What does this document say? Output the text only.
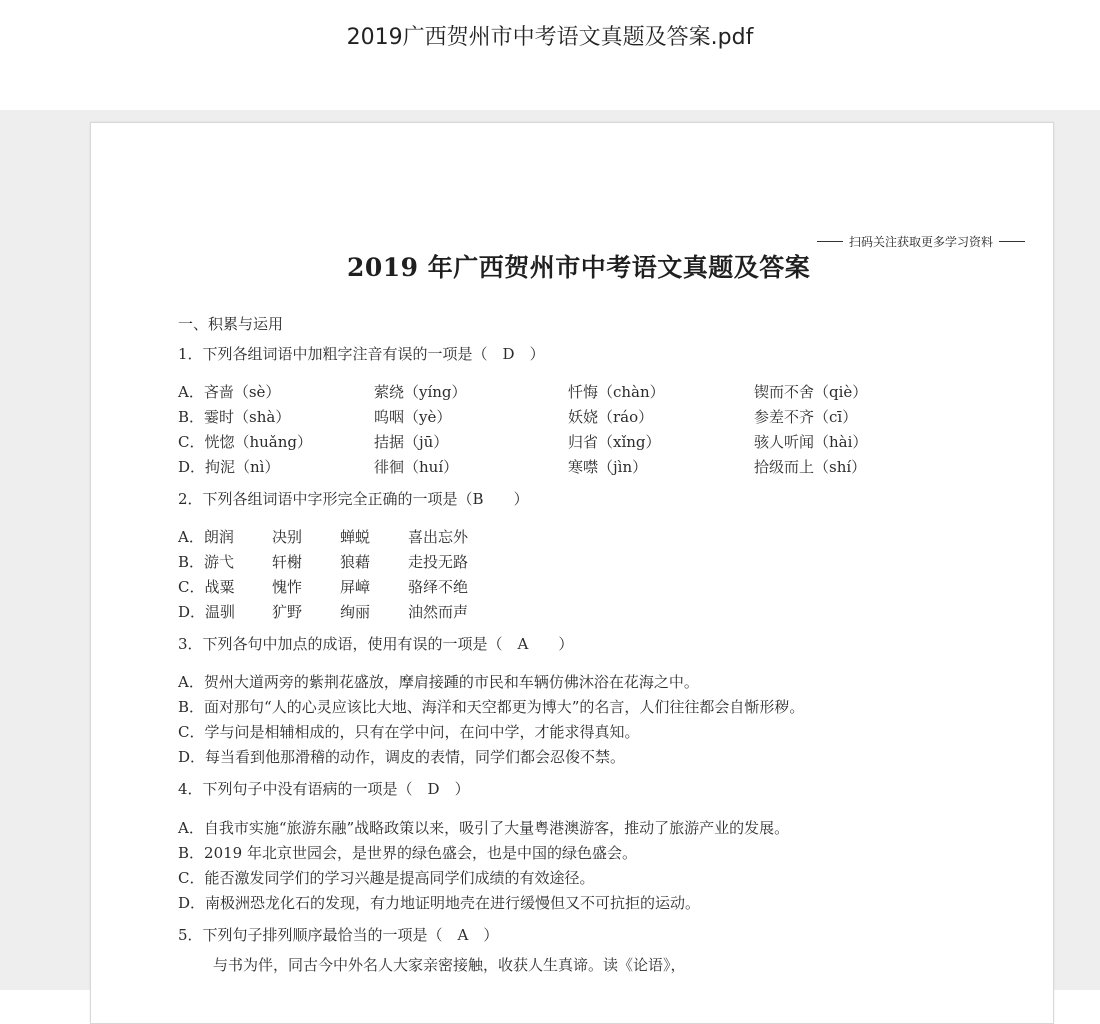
2019广西贺州市中考语文真题及答案.pdf
扫码关注获取更多学习资料
2019 年广西贺州市中考语文真题及答案
一、积累与运用
1．下列各组词语中加粗字注音有误的一项是（　D　）
A．吝啬（sè）	萦绕（yíng）	忏悔（chàn）	锲而不舍（qiè）
B．霎时（shà）	呜咽（yè）	妖娆（ráo）	参差不齐（cī）
C．恍惚（huǎng）	拮据（jū）	归省（xǐng）	骇人听闻（hài）
D．拘泥（nì）	徘徊（huí）	寒噤（jìn）	拾级而上（shí）
2．下列各组词语中字形完全正确的一项是（B　　）
A．朗润	决别	蝉蜕	喜出忘外
B．游弋	轩榭	狼藉	走投无路
C．战粟	愧怍	屏嶂	骆绎不绝
D．温驯 犷野	绚丽	油然而声
3．下列各句中加点的成语，使用有误的一项是（　A　　）
A．贺州大道两旁的紫荆花盛放，摩肩接踵的市民和车辆仿佛沐浴在花海之中。
B．面对那句“人的心灵应该比大地、海洋和天空都更为博大”的名言，人们往往都会自惭形秽。
C．学与问是相辅相成的，只有在学中问，在问中学，才能求得真知。
D．每当看到他那滑稽的动作，调皮的表情，同学们都会忍俊不禁。
4．下列句子中没有语病的一项是（　D　）
A．自我市实施“旅游东融”战略政策以来，吸引了大量粤港澳游客，推动了旅游产业的发展。
B．2019 年北京世园会，是世界的绿色盛会，也是中国的绿色盛会。
C．能否激发同学们的学习兴趣是提高同学们成绩的有效途径。
D．南极洲恐龙化石的发现，有力地证明地壳在进行缓慢但又不可抗拒的运动。
5．下列句子排列顺序最恰当的一项是（　A　）
与书为伴，同古今中外名人大家亲密接触，收获人生真谛。读《论语》，
